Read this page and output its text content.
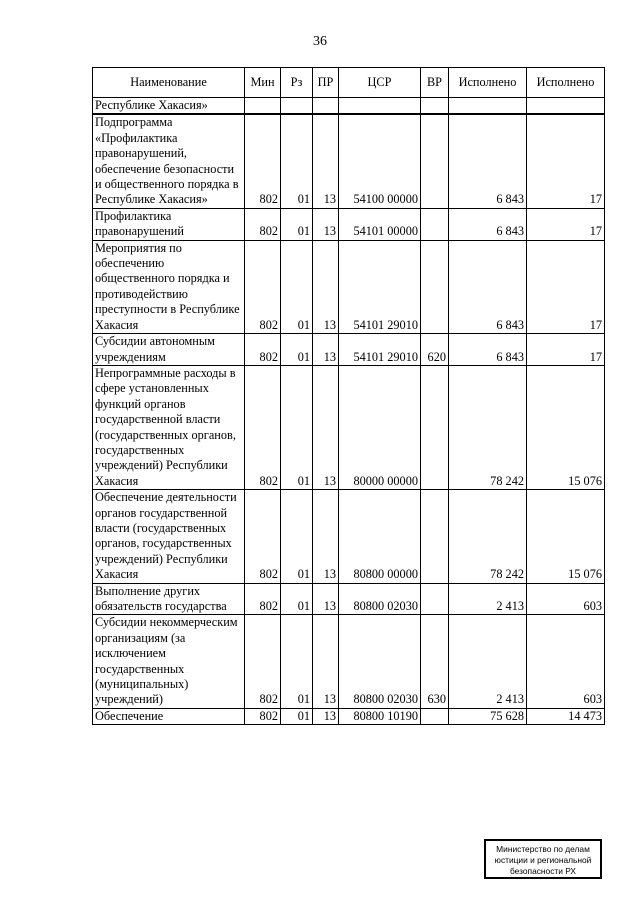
36
Наименование	Мин	Рз	ПР	ЦСР	ВР	Исполнено	Исполнено
Республике Хакасия»							
Подпрограмма «Профилактика правонарушений, обеспечение безопасности и общественного порядка в Республике Хакасия»	802	01	13	54100 00000		6 843	17
Профилактика правонарушений	802	01	13	54101 00000		6 843	17
Мероприятия по обеспечению общественного порядка и противодействию преступности в Республике Хакасия	802	01	13	54101 29010		6 843	17
Субсидии автономным учреждениям	802	01	13	54101 29010	620	6 843	17
Непрограммные расходы в сфере установленных функций органов государственной власти (государственных органов, государственных учреждений) Республики Хакасия	802	01	13	80000 00000		78 242	15 076
Обеспечение деятельности органов государственной власти (государственных органов, государственных учреждений) Республики Хакасия	802	01	13	80800 00000		78 242	15 076
Выполнение других обязательств государства	802	01	13	80800 02030		2 413	603
Субсидии некоммерческим организациям (за исключением государственных (муниципальных) учреждений)	802	01	13	80800 02030	630	2 413	603
Обеспечение	802	01	13	80800 10190		75 628	14 473
Министерство по делам
юстиции и региональной
безопасности РХ
